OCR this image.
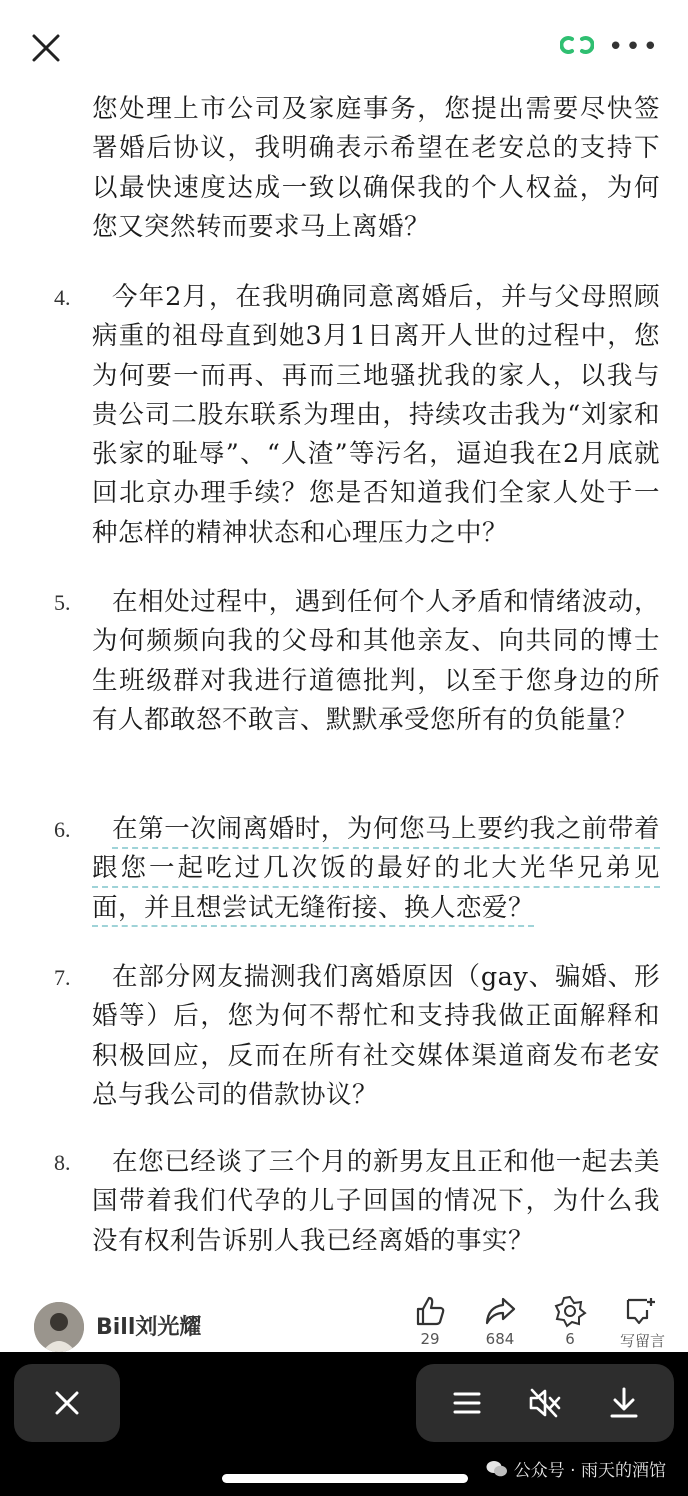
•••
您处理上市公司及家庭事务，您提出需要尽快签署婚后协议，我明确表示希望在老安总的支持下以最快速度达成一致以确保我的个人权益，为何您又突然转而要求马上离婚？
4.	今年2月，在我明确同意离婚后，并与父母照顾病重的祖母直到她3月1日离开人世的过程中，您为何要一而再、再而三地骚扰我的家人，以我与贵公司二股东联系为理由，持续攻击我为“刘家和张家的耻辱”、“人渣”等污名，逼迫我在2月底就回北京办理手续？您是否知道我们全家人处于一种怎样的精神状态和心理压力之中？
5.	在相处过程中，遇到任何个人矛盾和情绪波动，为何频频向我的父母和其他亲友、向共同的博士生班级群对我进行道德批判，以至于您身边的所有人都敢怒不敢言、默默承受您所有的负能量？
6.	在第一次闹离婚时，为何您马上要约我之前带着跟您一起吃过几次饭的最好的北大光华兄弟见面，并且想尝试无缝衔接、换人恋爱？
7.	在部分网友揣测我们离婚原因（gay、骗婚、形婚等）后，您为何不帮忙和支持我做正面解释和积极回应，反而在所有社交媒体渠道商发布老安总与我公司的借款协议？
8.	在您已经谈了三个月的新男友且正和他一起去美国带着我们代孕的儿子回国的情况下，为什么我没有权利告诉别人我已经离婚的事实？
Bill刘光耀	29	684	6	写留言
公众号 · 雨天的酒馆
